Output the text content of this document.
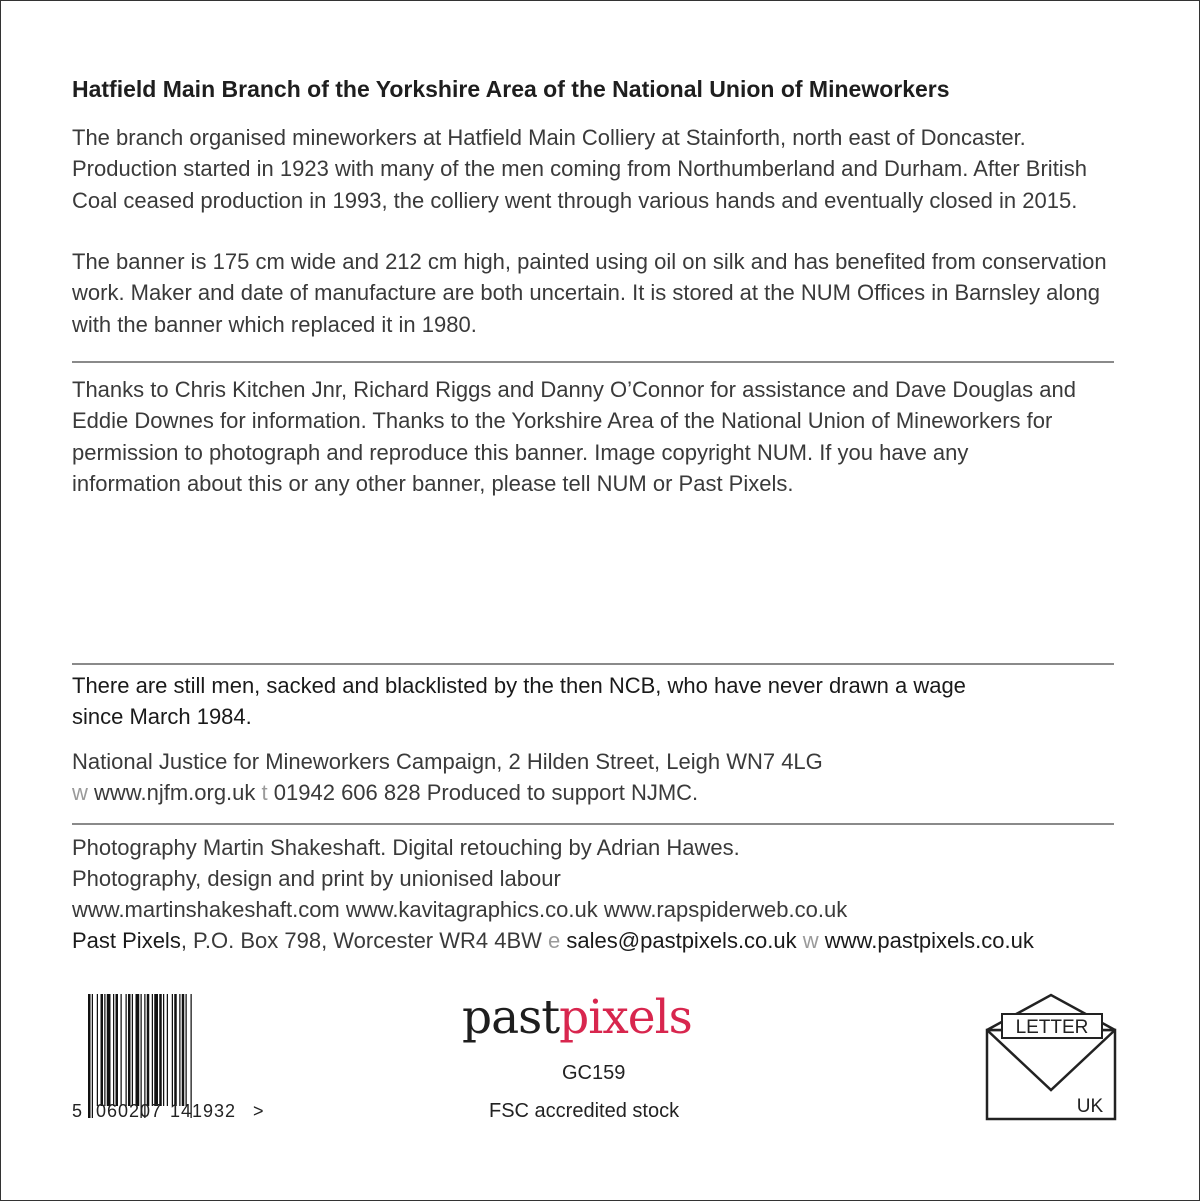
Hatfield Main Branch of the Yorkshire Area of the National Union of Mineworkers
The branch organised mineworkers at Hatfield Main Colliery at Stainforth, north east of Doncaster.
Production started in 1923 with many of the men coming from Northumberland and Durham. After British
Coal ceased production in 1993, the colliery went through various hands and eventually closed in 2015.
The banner is 175 cm wide and 212 cm high, painted using oil on silk and has benefited from conservation
work. Maker and date of manufacture are both uncertain. It is stored at the NUM Offices in Barnsley along
with the banner which replaced it in 1980.
Thanks to Chris Kitchen Jnr, Richard Riggs and Danny O’Connor for assistance and Dave Douglas and
Eddie Downes for information. Thanks to the Yorkshire Area of the National Union of Mineworkers for
permission to photograph and reproduce this banner. Image copyright NUM. If you have any
information about this or any other banner, please tell NUM or Past Pixels.
There are still men, sacked and blacklisted by the then NCB, who have never drawn a wage
since March 1984.
National Justice for Mineworkers Campaign, 2 Hilden Street, Leigh WN7 4LG
w www.njfm.org.uk t 01942 606 828 Produced to support NJMC.
Photography Martin Shakeshaft. Digital retouching by Adrian Hawes.
Photography, design and print by unionised labour
www.martinshakeshaft.com www.kavitagraphics.co.uk www.rapspiderweb.co.uk
Past Pixels, P.O. Box 798, Worcester WR4 4BW e sales@pastpixels.co.uk w www.pastpixels.co.uk
5 060207 141932 >
pastpixels
GC159
FSC accredited stock
LETTER
UK
